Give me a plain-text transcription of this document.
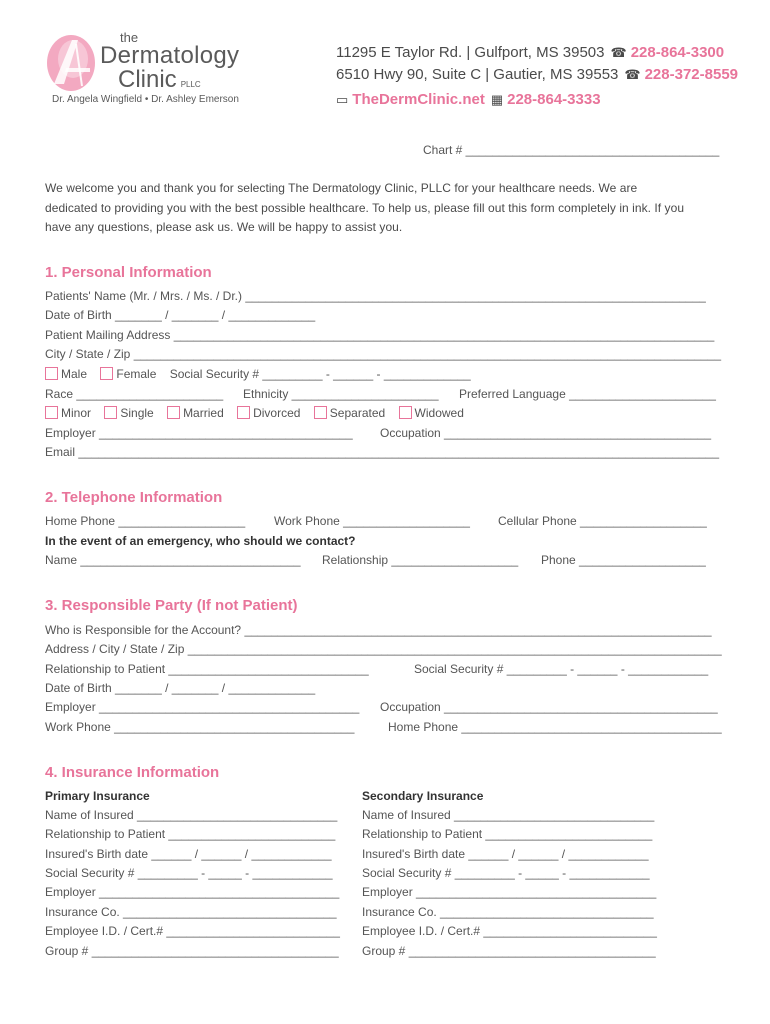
the
Dermatology
Clinic PLLC
Dr. Angela Wingfield • Dr. Ashley Emerson
11295 E Taylor Rd. | Gulfport, MS 39503 ☎ 228-864-3300
6510 Hwy 90, Suite C | Gautier, MS 39553 ☎ 228-372-8559
▭ TheDermClinic.net ▦ 228-864-3333
Chart # ______________________________________
We welcome you and thank you for selecting The Dermatology Clinic, PLLC for your healthcare needs. We are
dedicated to providing you with the best possible healthcare. To help us, please fill out this form completely in ink. If you
have any questions, please ask us. We will be happy to assist you.
1. Personal Information
Patients' Name (Mr. / Mrs. / Ms. / Dr.) _____________________________________________________________________
Date of Birth _______ / _______ / _____________
Patient Mailing Address _________________________________________________________________________________
City / State / Zip ________________________________________________________________________________________
Male Female Social Security # _________ - ______ - _____________
Race ______________________ Ethnicity ______________________ Preferred Language ______________________
Minor Single Married Divorced Separated Widowed
Employer ______________________________________ Occupation ________________________________________
Email ________________________________________________________________________________________________
2. Telephone Information
Home Phone ___________________ Work Phone ___________________ Cellular Phone ___________________
In the event of an emergency, who should we contact?
Name _________________________________ Relationship ___________________ Phone ___________________
3. Responsible Party (If not Patient)
Who is Responsible for the Account? ______________________________________________________________________
Address / City / State / Zip ________________________________________________________________________________
Relationship to Patient ______________________________	Social Security # _________ - ______ - ____________
Date of Birth _______ / _______ / _____________
Employer _______________________________________ Occupation _________________________________________
Work Phone ____________________________________	Home Phone _______________________________________
4. Insurance Information
Primary Insurance
Name of Insured ______________________________
Relationship to Patient _________________________
Insured's Birth date ______ / ______ / ____________
Social Security # _________ - _____ - ____________
Employer ____________________________________
Insurance Co. ________________________________
Employee I.D. / Cert.# __________________________
Group # _____________________________________
Secondary Insurance
Name of Insured ______________________________
Relationship to Patient _________________________
Insured's Birth date ______ / ______ / ____________
Social Security # _________ - _____ - ____________
Employer ____________________________________
Insurance Co. ________________________________
Employee I.D. / Cert.# __________________________
Group # _____________________________________
